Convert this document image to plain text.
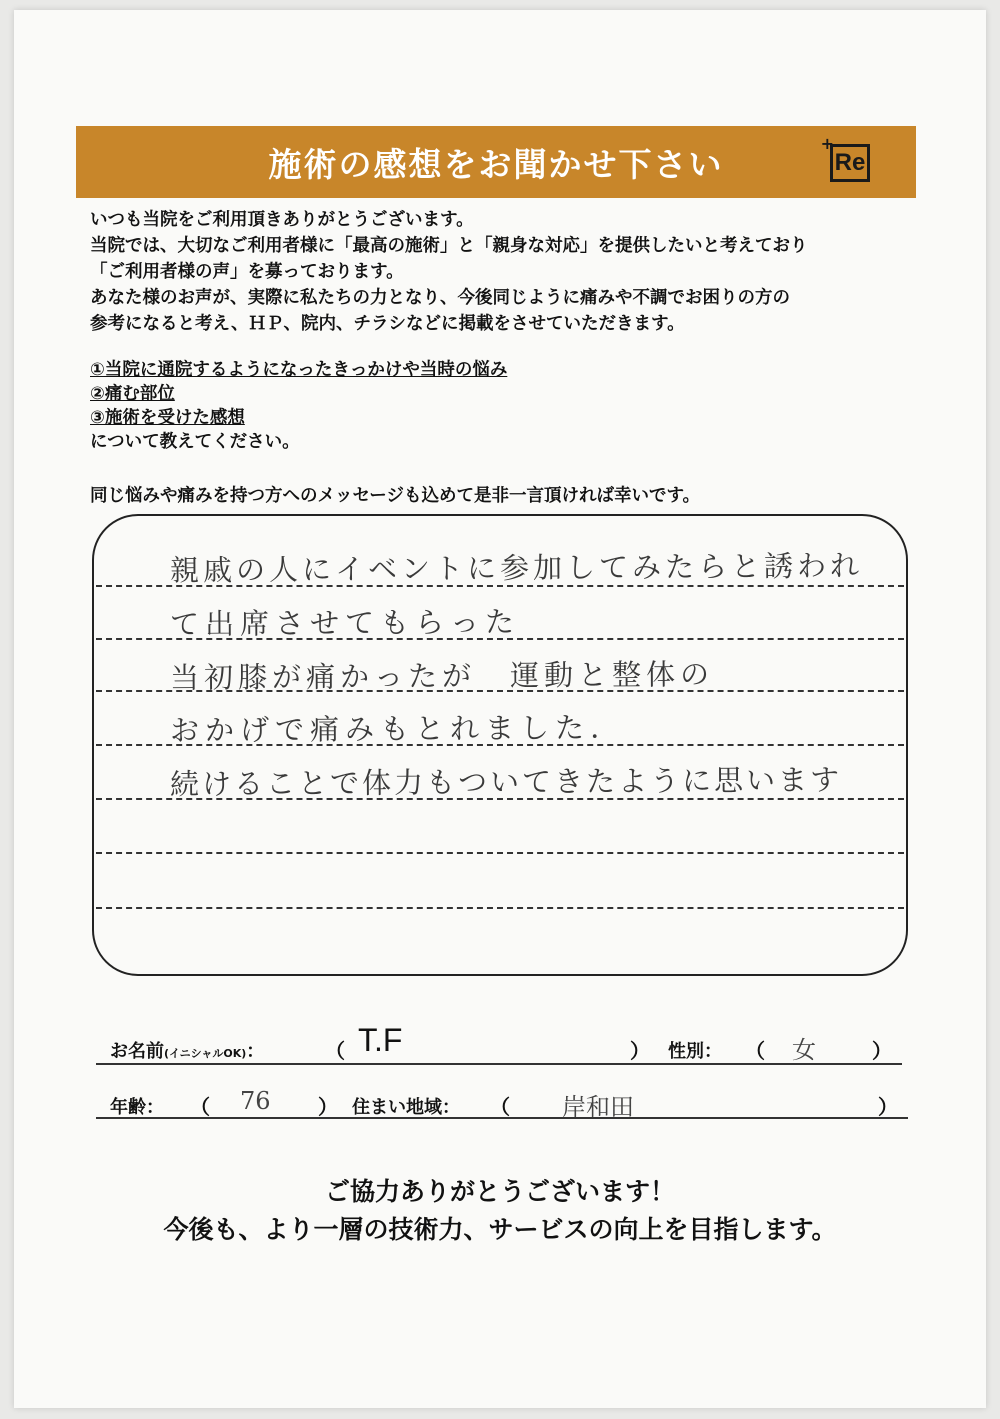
施術の感想をお聞かせ下さい
+
Re

いつも当院をご利用頂きありがとうございます。

当院では、大切なご利用者様に「最高の施術」と「親身な対応」を提供したいと考えており

「ご利用者様の声」を募っております。

あなた様のお声が、実際に私たちの力となり、今後同じように痛みや不調でお困りの方の

参考になると考え、ＨＰ、院内、チラシなどに掲載をさせていただきます。

①当院に通院するようになったきっかけや当時の悩み

②痛む部位

③施術を受けた感想

について教えてください。

同じ悩みや痛みを持つ方へのメッセージも込めて是非一言頂ければ幸いです。

親戚の人にイベントに参加してみたらと誘われ
て出席させてもらった
当初膝が痛かったが　運動と整体の
おかげで痛みもとれました.
続けることで体力もついてきたように思います
お名前(イニシャルOK)：	（ T.F	） 性別： （ 女	）
年齢： （ 76 ） 住まい地域： （ 岸和田	）
ご協力ありがとうございます！
今後も、より一層の技術力、サービスの向上を目指します。
